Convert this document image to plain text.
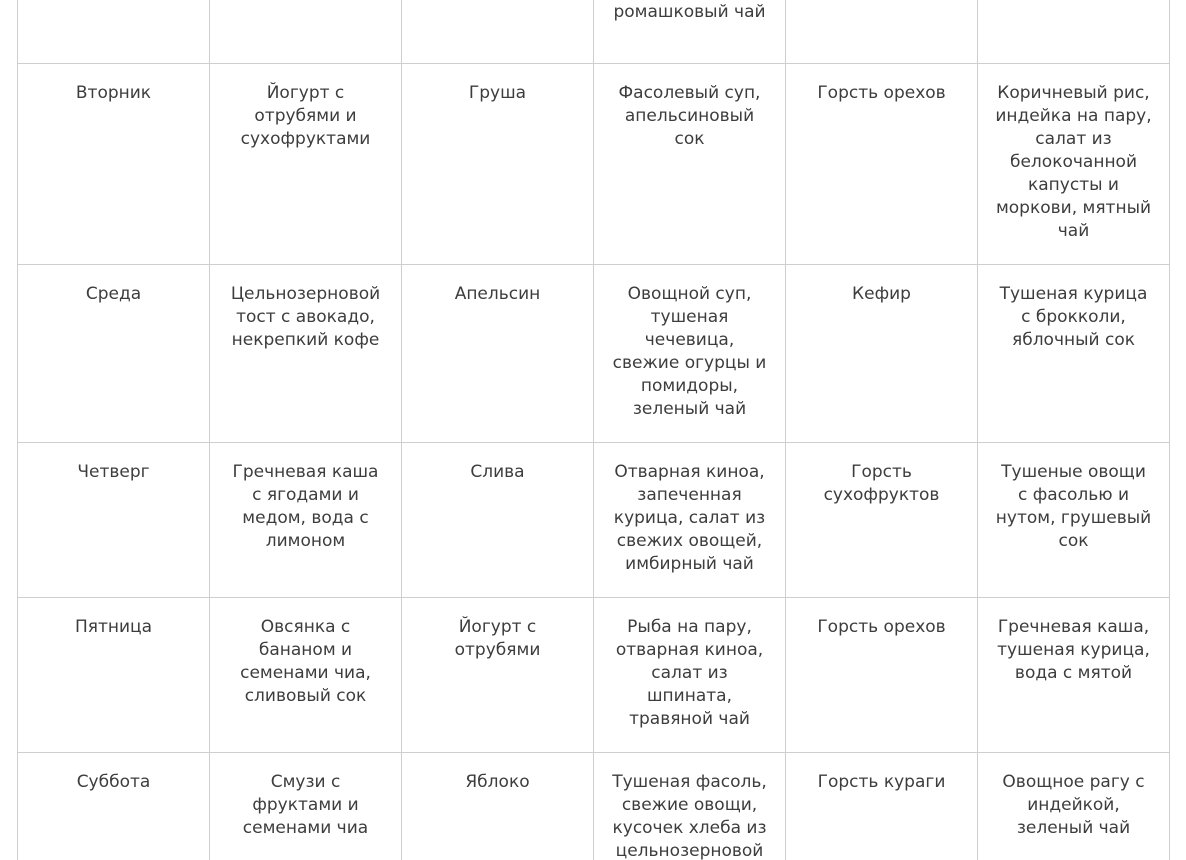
			ромашковый чай		
Вторник	Йогурт с отрубями и сухофруктами	Груша	Фасолевый суп, апельсиновый сок	Горсть орехов	Коричневый рис, индейка на пару, салат из белокочанной капусты и моркови, мятный чай
Среда	Цельнозерновой тост с авокадо, некрепкий кофе	Апельсин	Овощной суп, тушеная чечевица, свежие огурцы и помидоры, зеленый чай	Кефир	Тушеная курица с брокколи, яблочный сок
Четверг	Гречневая каша с ягодами и медом, вода с лимоном	Слива	Отварная киноа, запеченная курица, салат из свежих овощей, имбирный чай	Горсть сухофруктов	Тушеные овощи с фасолью и нутом, грушевый сок
Пятница	Овсянка с бананом и семенами чиа, сливовый сок	Йогурт с отрубями	Рыба на пару, отварная киноа, салат из шпината, травяной чай	Горсть орехов	Гречневая каша, тушеная курица, вода с мятой
Суббота	Смузи с фруктами и семенами чиа	Яблоко	Тушеная фасоль, свежие овощи, кусочек хлеба из цельнозерновой	Горсть кураги	Овощное рагу с индейкой, зеленый чай
